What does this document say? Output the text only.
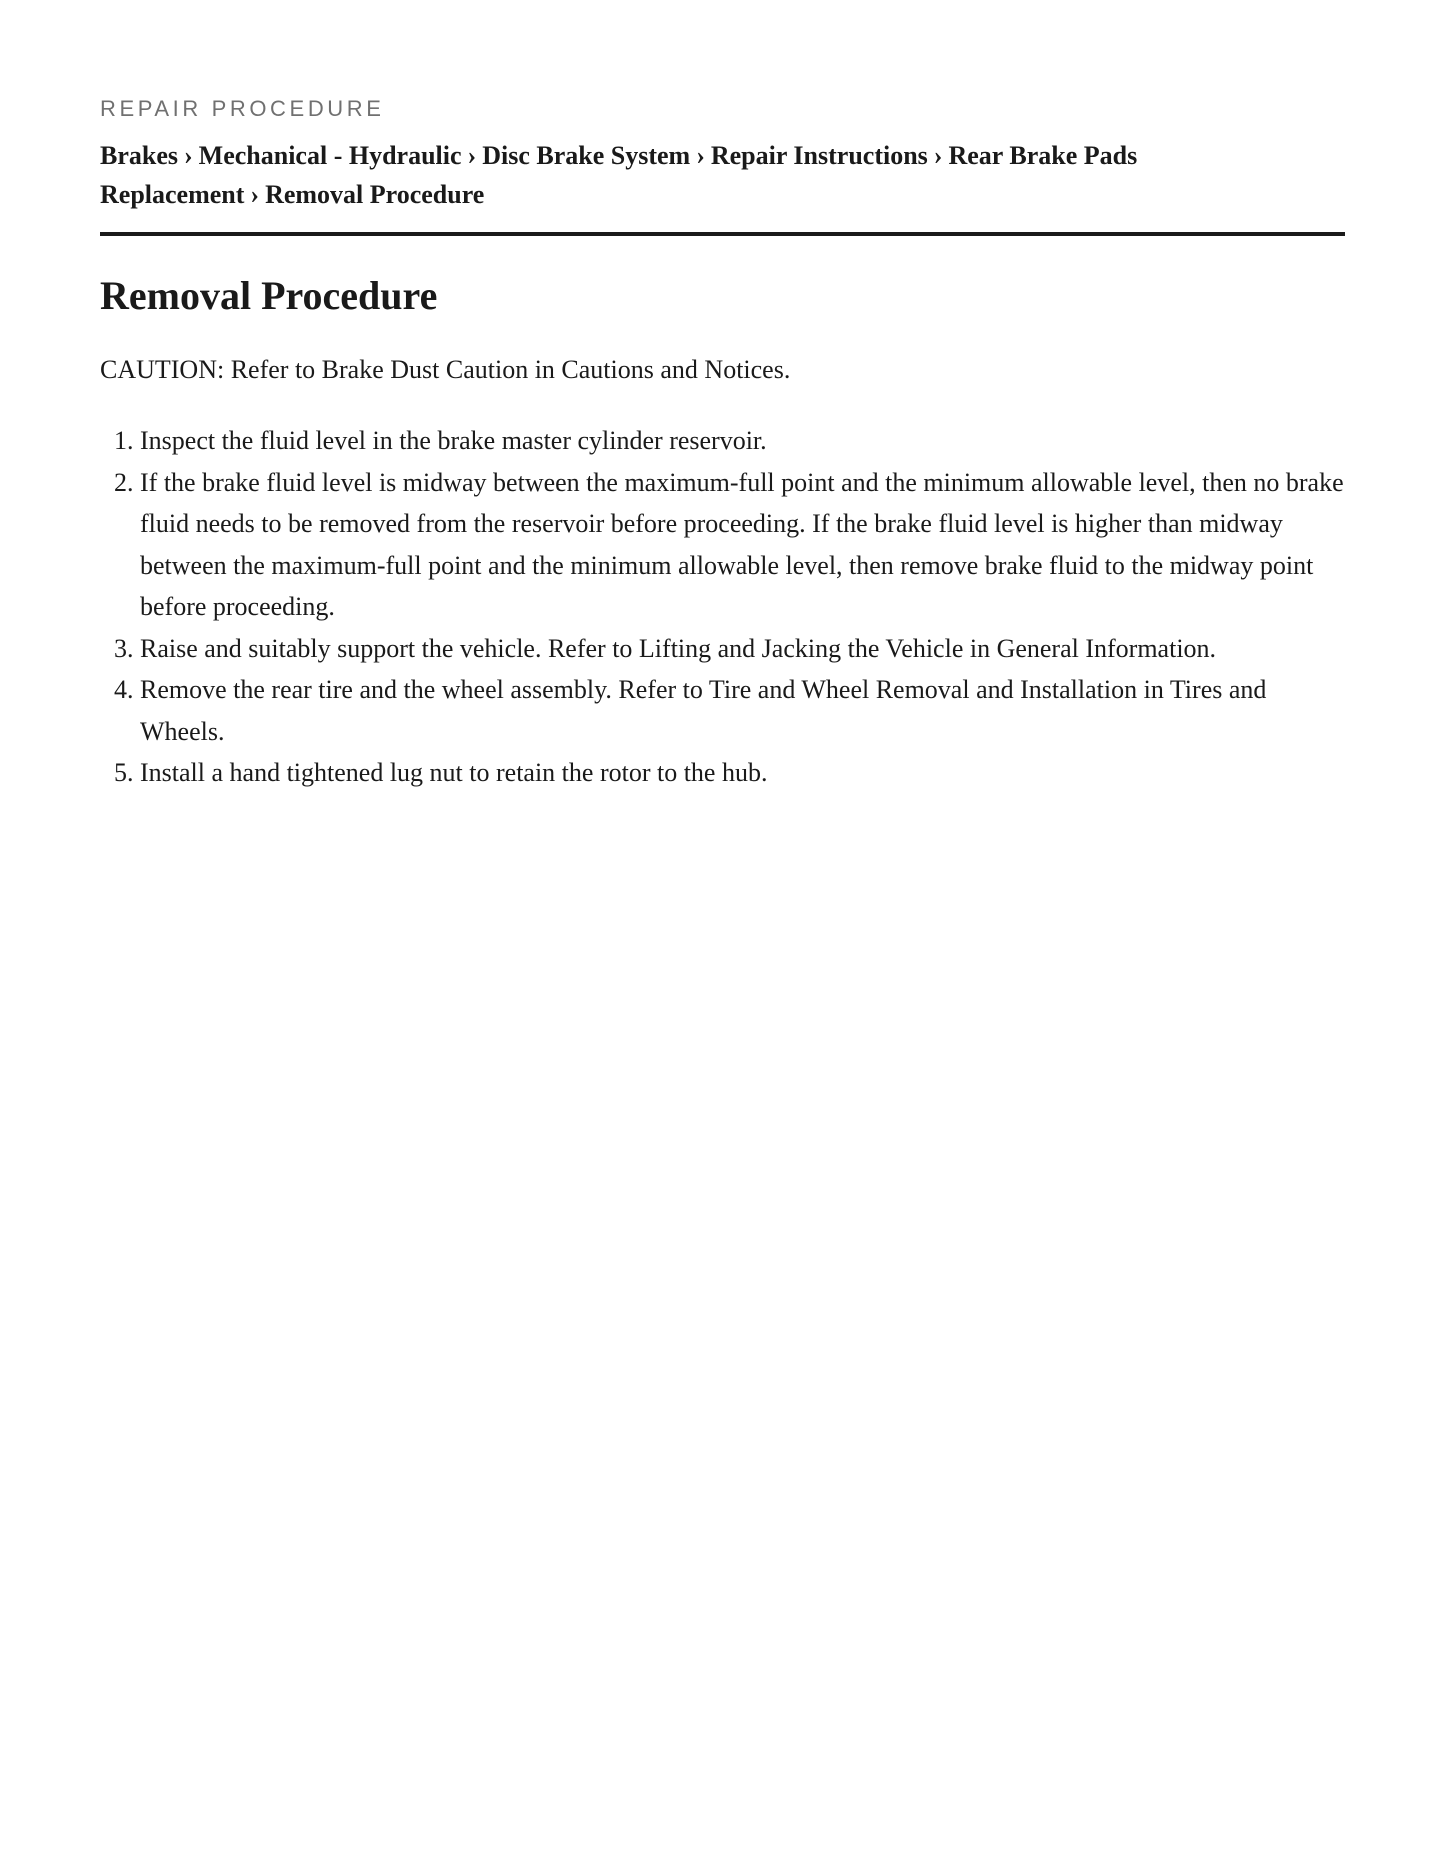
REPAIR PROCEDURE
Brakes › Mechanical - Hydraulic › Disc Brake System › Repair Instructions › Rear Brake Pads Replacement › Removal Procedure
Removal Procedure

CAUTION: Refer to Brake Dust Caution in Cautions and Notices.

1. Inspect the fluid level in the brake master cylinder reservoir.
2. If the brake fluid level is midway between the maximum-full point and the minimum allowable level, then no brake fluid needs to be removed from the reservoir before proceeding. If the brake fluid level is higher than midway between the maximum-full point and the minimum allowable level, then remove brake fluid to the midway point before proceeding.
3. Raise and suitably support the vehicle. Refer to Lifting and Jacking the Vehicle in General Information.
4. Remove the rear tire and the wheel assembly. Refer to Tire and Wheel Removal and Installation in Tires and Wheels.
5. Install a hand tightened lug nut to retain the rotor to the hub.
